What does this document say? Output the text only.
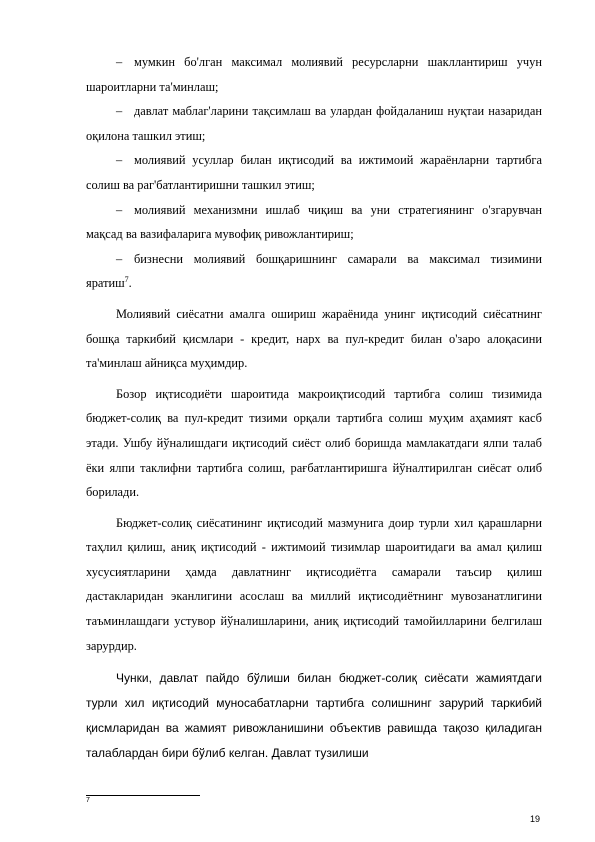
– мумкин бо'лган максимал молиявий ресурсларни шакллантириш учун шароитларни та'минлаш;

– давлат маблаг'ларини тақсимлаш ва улардан фойдаланиш нуқтаи назаридан оқилона ташкил этиш;

– молиявий усуллар билан иқтисодий ва ижтимоий жараёнларни тартибга солиш ва раг'батлантиришни ташкил этиш;

– молиявий механизмни ишлаб чиқиш ва уни стратегиянинг о'згарувчан мақсад ва вазифаларига мувофиқ ривожлантириш;

– бизнесни молиявий бошқаришнинг самарали ва максимал тизимини яратиш$^7$.

Молиявий сиёсатни амалга ошириш жараёнида унинг иқтисодий сиёсатнинг бошқа таркибий қисмлари - кредит, нарх ва пул-кредит билан о'заро алоқасини та'минлаш айниқса муҳимдир.

Бозор иқтисодиёти шароитида макроиқтисодий тартибга солиш тизимида бюджет-солиқ ва пул-кредит тизими орқали тартибга солиш муҳим аҳамият касб этади. Ушбу йўналишдаги иқтисодий сиёст олиб боришда мамлакатдаги ялпи талаб ёки ялпи таклифни тартибга солиш, рағбатлантиришга йўналтирилган сиёсат олиб борилади.

Бюджет-солиқ сиёсатининг иқтисодий мазмунига доир турли хил қарашларни таҳлил қилиш, аниқ иқтисодий - ижтимоий тизимлар шароитидаги ва амал қилиш хусусиятларини ҳамда давлатнинг иқтисодиётга самарали таъсир қилиш дастакларидан эканлигини асослаш ва миллий иқтисодиётнинг мувозанатлигини таъминлашдаги устувор йўналишларини, аниқ иқтисодий тамойилларини белгилаш зарурдир.

Чунки, давлат пайдо бўлиши билан бюджет-солиқ сиёсати жамиятдаги турли хил иқтисодий муносабатларни тартибга солишнинг зарурий таркибий қисмларидан ва жамият ривожланишини объектив равишда тақозо қиладиган талаблардан бири бўлиб келган. Давлат тузилиши

7
19
